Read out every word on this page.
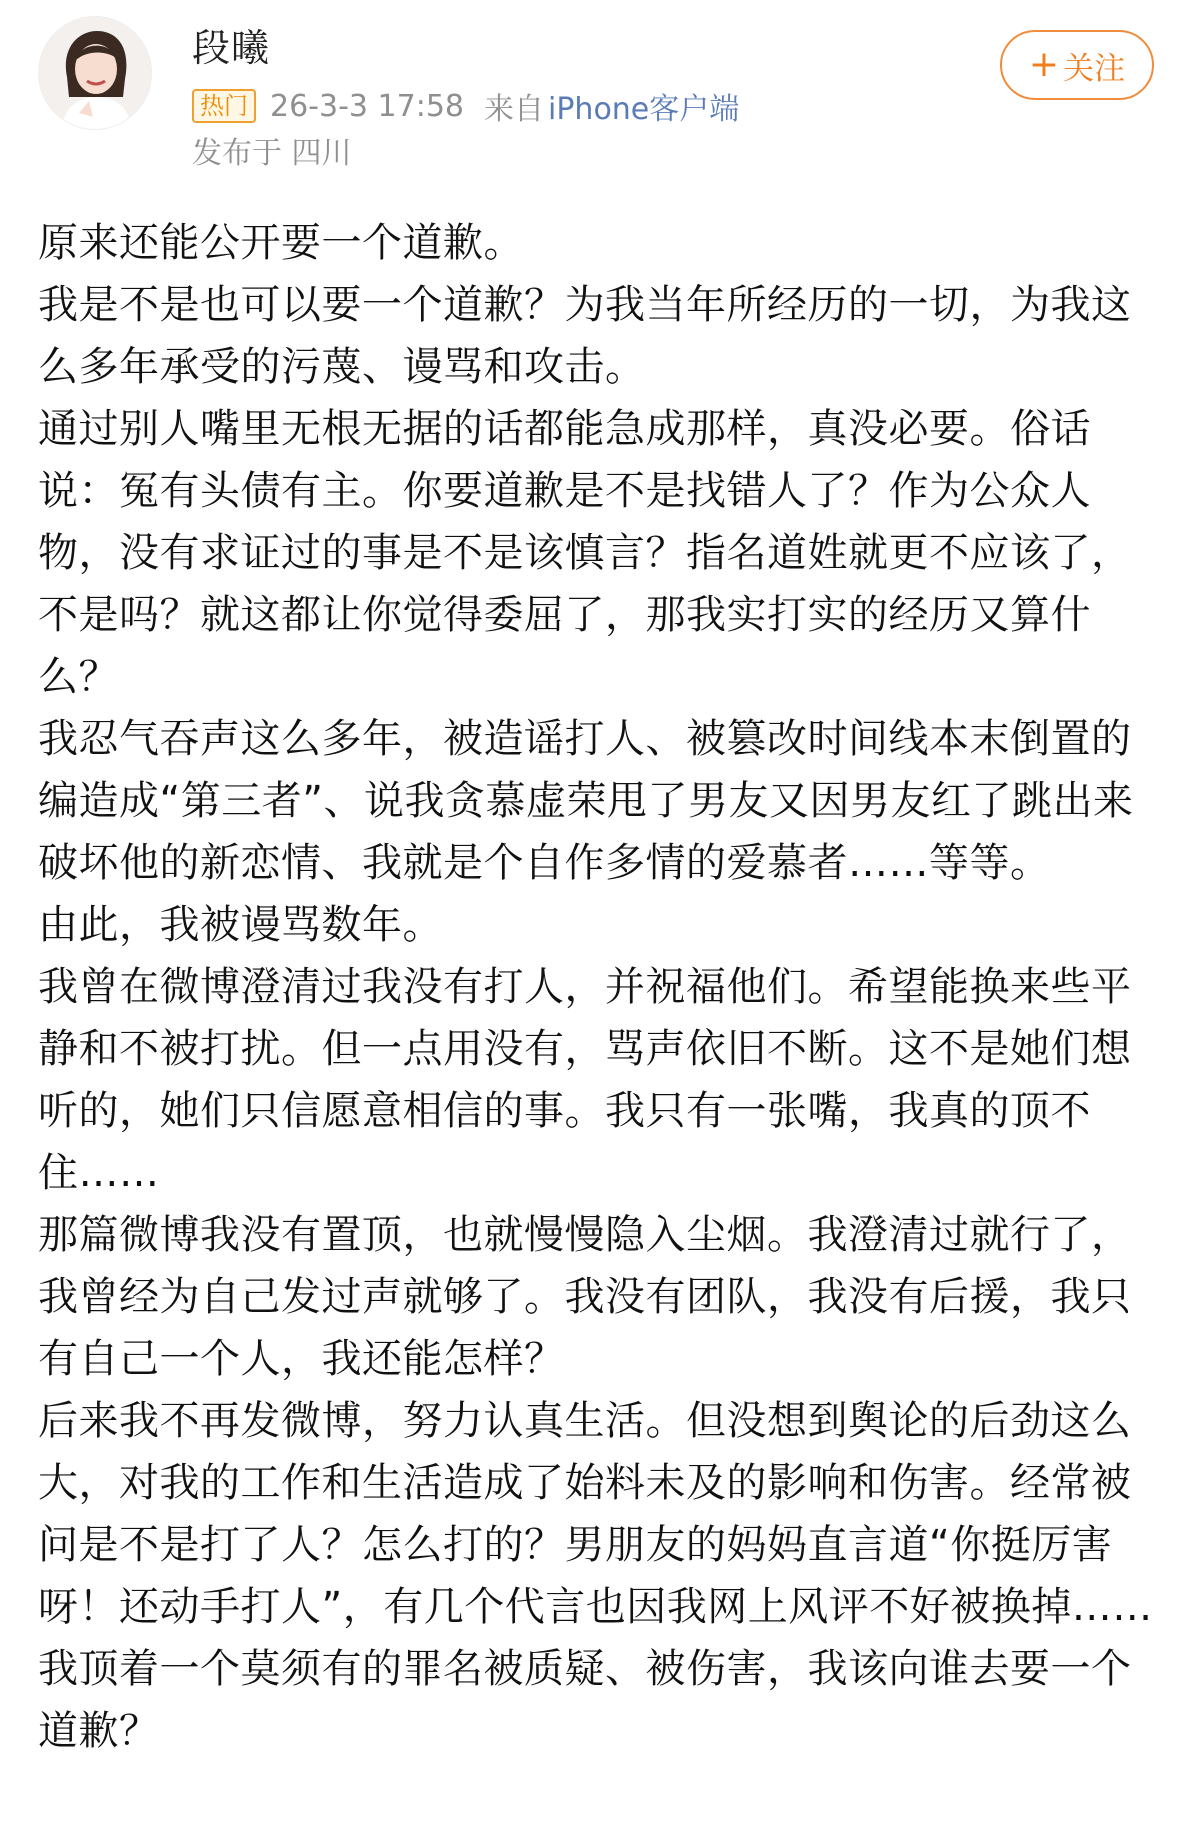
段曦
热门 26-3-3 17:58 来自 iPhone客户端
发布于 四川
+ 关注

原来还能公开要一个道歉。

我是不是也可以要一个道歉？为我当年所经历的一切，为我这么多年承受的污蔑、谩骂和攻击。

通过别人嘴里无根无据的话都能急成那样，真没必要。俗话说：冤有头债有主。你要道歉是不是找错人了？作为公众人物，没有求证过的事是不是该慎言？指名道姓就更不应该了，不是吗？就这都让你觉得委屈了，那我实打实的经历又算什么？

我忍气吞声这么多年，被造谣打人、被篡改时间线本末倒置的编造成“第三者”、说我贪慕虚荣甩了男友又因男友红了跳出来破坏他的新恋情、我就是个自作多情的爱慕者……等等。

由此，我被谩骂数年。

我曾在微博澄清过我没有打人，并祝福他们。希望能换来些平静和不被打扰。但一点用没有，骂声依旧不断。这不是她们想听的，她们只信愿意相信的事。我只有一张嘴，我真的顶不住……

那篇微博我没有置顶，也就慢慢隐入尘烟。我澄清过就行了，我曾经为自己发过声就够了。我没有团队，我没有后援，我只有自己一个人，我还能怎样？

后来我不再发微博，努力认真生活。但没想到舆论的后劲这么大，对我的工作和生活造成了始料未及的影响和伤害。经常被问是不是打了人？怎么打的？男朋友的妈妈直言道“你挺厉害呀！还动手打人”，有几个代言也因我网上风评不好被换掉……我顶着一个莫须有的罪名被质疑、被伤害，我该向谁去要一个道歉？
